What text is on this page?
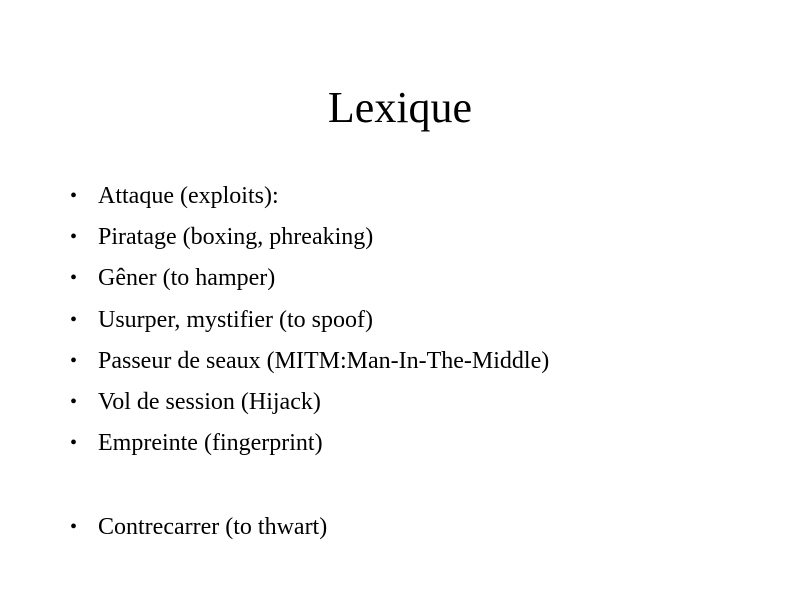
Lexique
• Attaque (exploits):
• Piratage (boxing, phreaking)
• Gêner (to hamper)
• Usurper, mystifier (to spoof)
• Passeur de seaux (MITM:Man-In-The-Middle)
• Vol de session (Hijack)
• Empreinte (fingerprint)
• Contrecarrer (to thwart)
